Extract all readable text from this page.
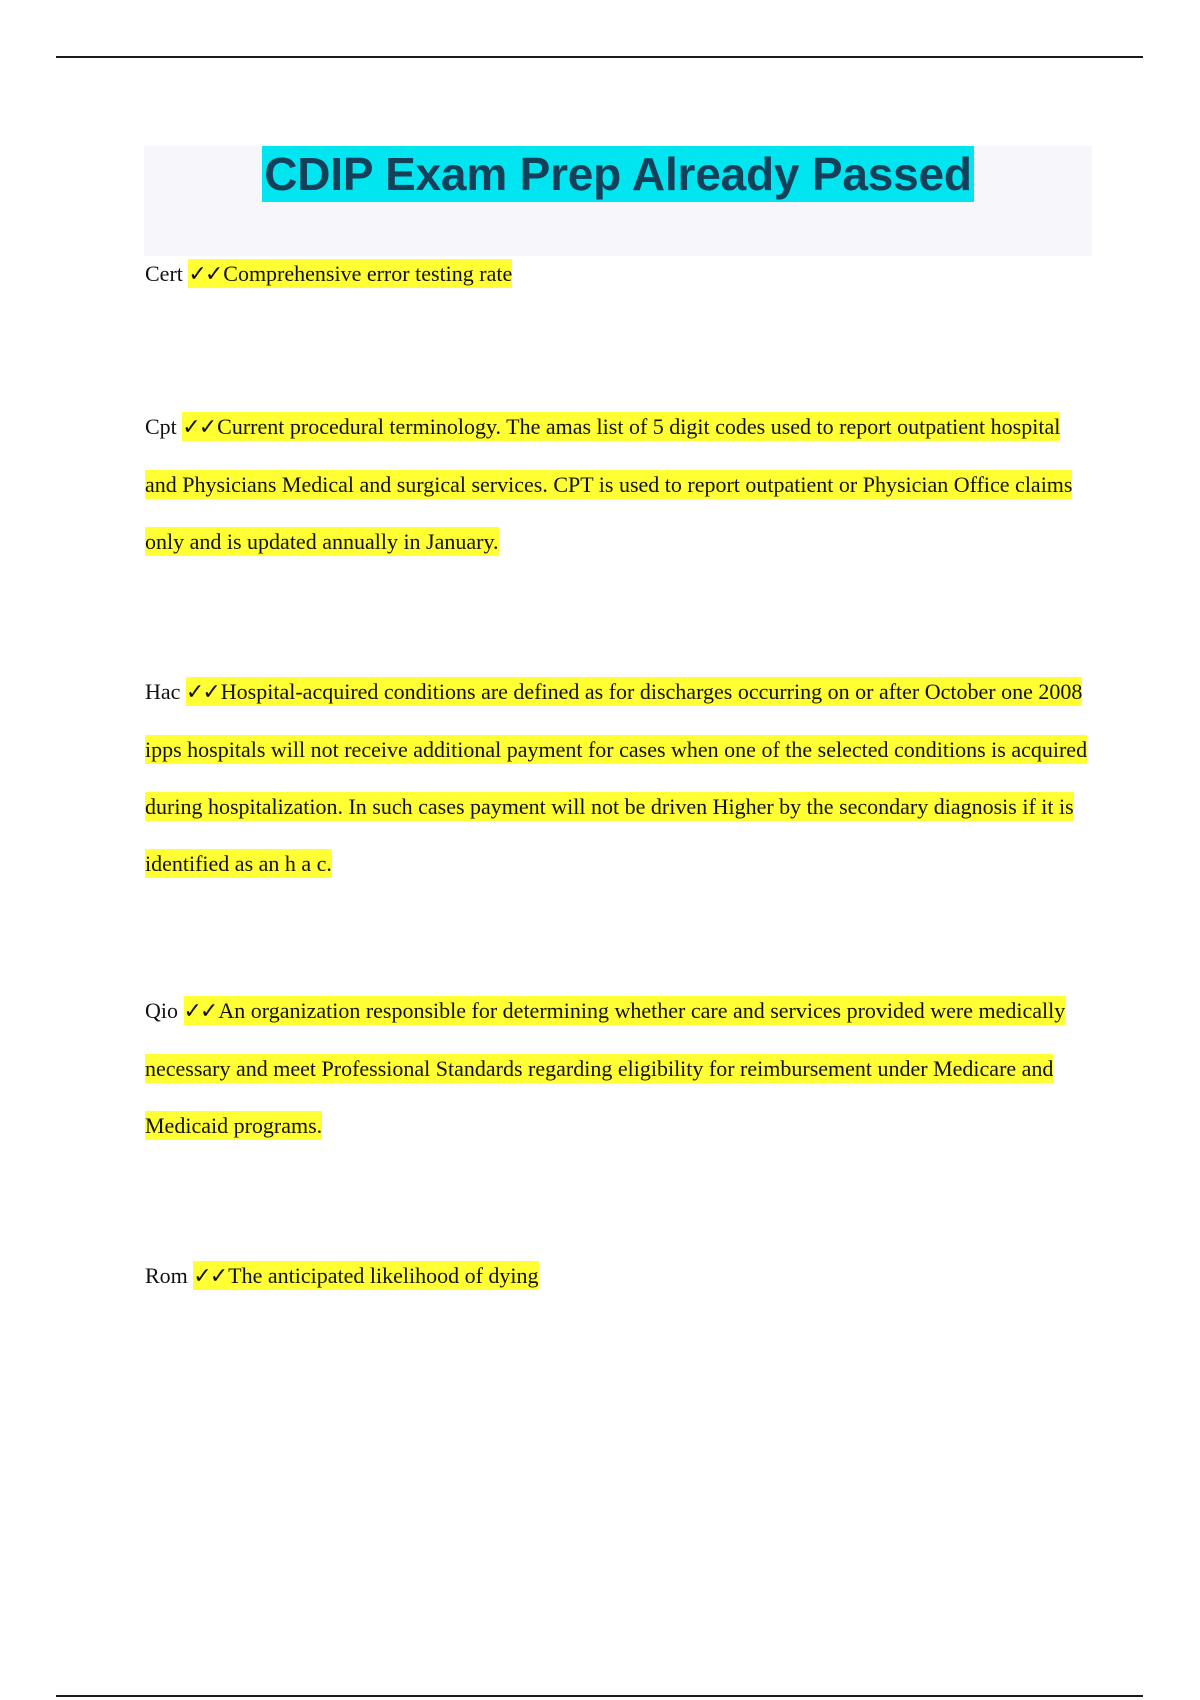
CDIP Exam Prep Already Passed
Cert ✓✓Comprehensive error testing rate
Cpt ✓✓Current procedural terminology. The amas list of 5 digit codes used to report outpatient hospital and Physicians Medical and surgical services. CPT is used to report outpatient or Physician Office claims only and is updated annually in January.
Hac ✓✓Hospital-acquired conditions are defined as for discharges occurring on or after October one 2008 ipps hospitals will not receive additional payment for cases when one of the selected conditions is acquired during hospitalization. In such cases payment will not be driven Higher by the secondary diagnosis if it is identified as an h a c.
Qio ✓✓An organization responsible for determining whether care and services provided were medically necessary and meet Professional Standards regarding eligibility for reimbursement under Medicare and Medicaid programs.
Rom ✓✓The anticipated likelihood of dying
